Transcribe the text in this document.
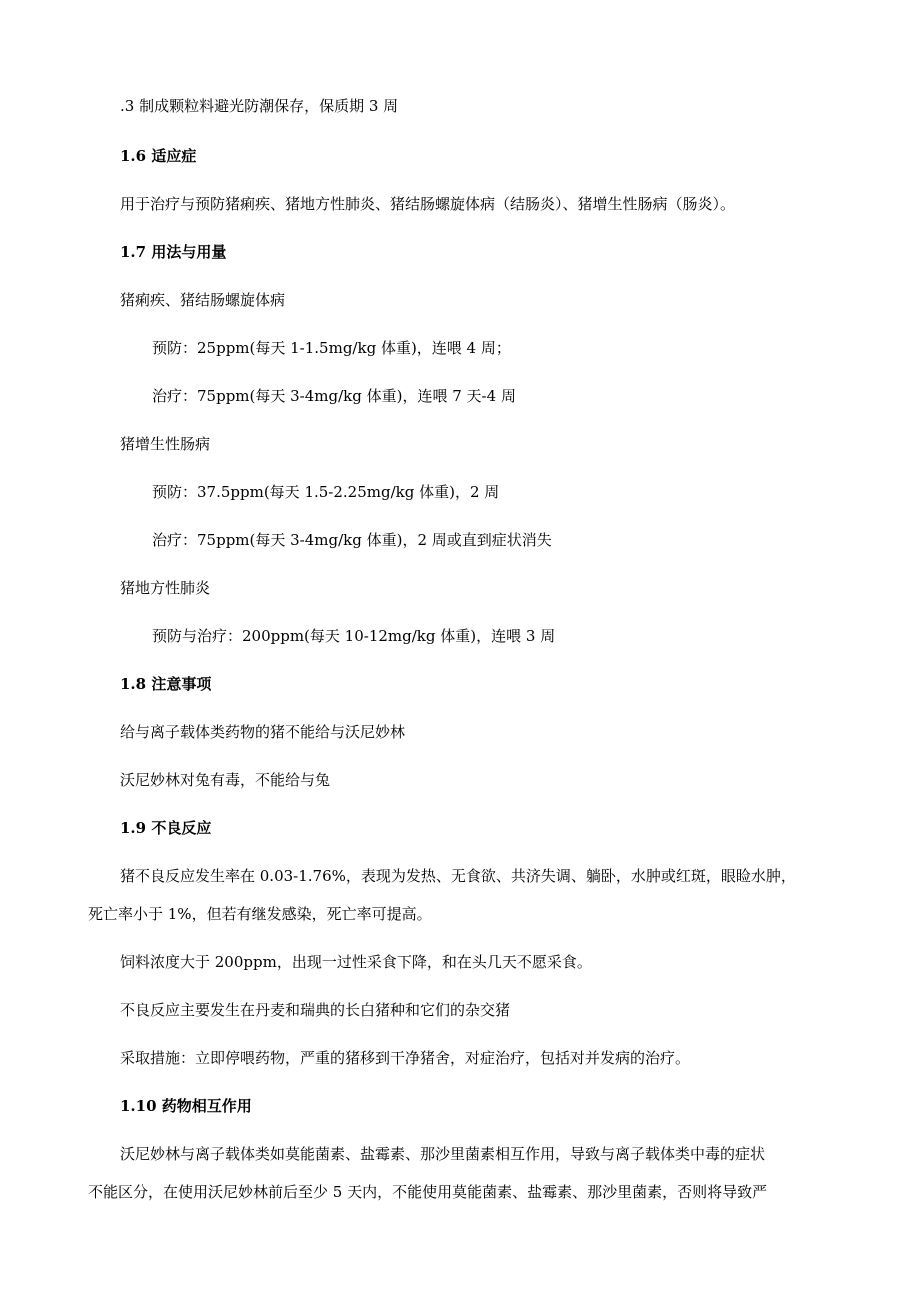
.3 制成颗粒料避光防潮保存，保质期 3 周

1.6 适应症

用于治疗与预防猪痢疾、猪地方性肺炎、猪结肠螺旋体病（结肠炎）、猪增生性肠病（肠炎）。

1.7 用法与用量

猪痢疾、猪结肠螺旋体病

预防：25ppm(每天 1-1.5mg/kg 体重)，连喂 4 周；

治疗：75ppm(每天 3-4mg/kg 体重)，连喂 7 天-4 周

猪增生性肠病

预防：37.5ppm(每天 1.5-2.25mg/kg 体重)，2 周

治疗：75ppm(每天 3-4mg/kg 体重)，2 周或直到症状消失

猪地方性肺炎

预防与治疗：200ppm(每天 10-12mg/kg 体重)，连喂 3 周

1.8 注意事项

给与离子载体类药物的猪不能给与沃尼妙林

沃尼妙林对兔有毒，不能给与兔

1.9 不良反应

猪不良反应发生率在 0.03-1.76%，表现为发热、无食欲、共济失调、躺卧，水肿或红斑，眼睑水肿，

死亡率小于 1%，但若有继发感染，死亡率可提高。

饲料浓度大于 200ppm，出现一过性采食下降，和在头几天不愿采食。

不良反应主要发生在丹麦和瑞典的长白猪种和它们的杂交猪

采取措施：立即停喂药物，严重的猪移到干净猪舍，对症治疗，包括对并发病的治疗。

1.10 药物相互作用

沃尼妙林与离子载体类如莫能菌素、盐霉素、那沙里菌素相互作用，导致与离子载体类中毒的症状

不能区分，在使用沃尼妙林前后至少 5 天内，不能使用莫能菌素、盐霉素、那沙里菌素，否则将导致严
